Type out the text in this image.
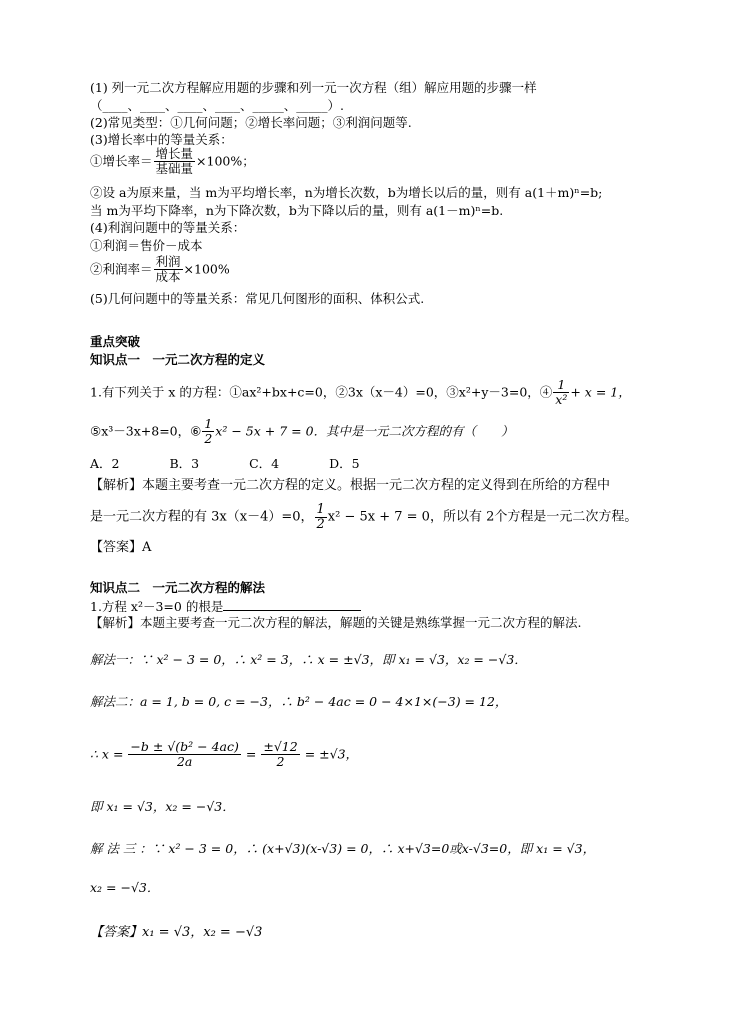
(1) 列一元二次方程解应用题的步骤和列一元一次方程（组）解应用题的步骤一样
（____、____、____、____、_____、_____）.
(2)常见类型：①几何问题；②增长率问题；③利润问题等.
(3)增长率中的等量关系：
①增长率＝ $\frac{\text{增长量}}{\text{基础量}} \times 100\%$；
②设 a为原来量，当 m为平均增长率，n为增长次数，b为增长以后的量，则有 a(1＋m)ⁿ=b;
当 m为平均下降率，n为下降次数，b为下降以后的量，则有 a(1－m)ⁿ=b.
(4)利润问题中的等量关系：
①利润＝售价－成本
②利润率＝ $\frac{\text{利润}}{\text{成本}} \times 100\%$
(5)几何问题中的等量关系：常见几何图形的面积、体积公式.
重点突破
知识点一　一元二次方程的定义
1.有下列关于 x 的方程：①ax²+bx+c=0，②3x（x－4）=0，③x²+y－3=0，④ $\frac{1}{\text{x²}} + x = 1$，
⑤x³－3x+8=0，⑥ $\frac{1}{2} x^2 - 5x + 7 = 0$．其中是一元二次方程的有（　　）
A．2　　　　B．3　　　　C．4　　　　D．5
【解析】本题主要考查一元二次方程的定义。根据一元二次方程的定义得到在所给的方程中
是一元二次方程的有 3x（x－4）=0， $\frac{1}{2} x^2 - 5x + 7 = 0$，所以有 2个方程是一元二次方程。
【答案】A
知识点二　一元二次方程的解法
1.方程 x²－3=0 的根是
【解析】本题主要考查一元二次方程的解法，解题的关键是熟练掌握一元二次方程的解法.
解法一：∵ x² − 3 = 0，∴ x² = 3，∴ x = ±√3，即 x₁ = √3，x₂ = −√3．
解法二：a = 1, b = 0, c = −3，∴ b² − 4ac = 0 − 4×1×(−3) = 12，
∴ $x = \frac{\text{−b ± √(b² − 4ac)}}{2a} = \frac{\pm√12}{2} = \pm√3$，
即 x₁ = √3，x₂ = −√3．
解 法 三 ：∵ x² − 3 = 0，∴ (x+√3)(x-√3) = 0，∴ x+√3=0或x-√3=0，即 x₁ = √3，
x₂ = −√3．
【答案】x₁ = √3，x₂ = −√3
